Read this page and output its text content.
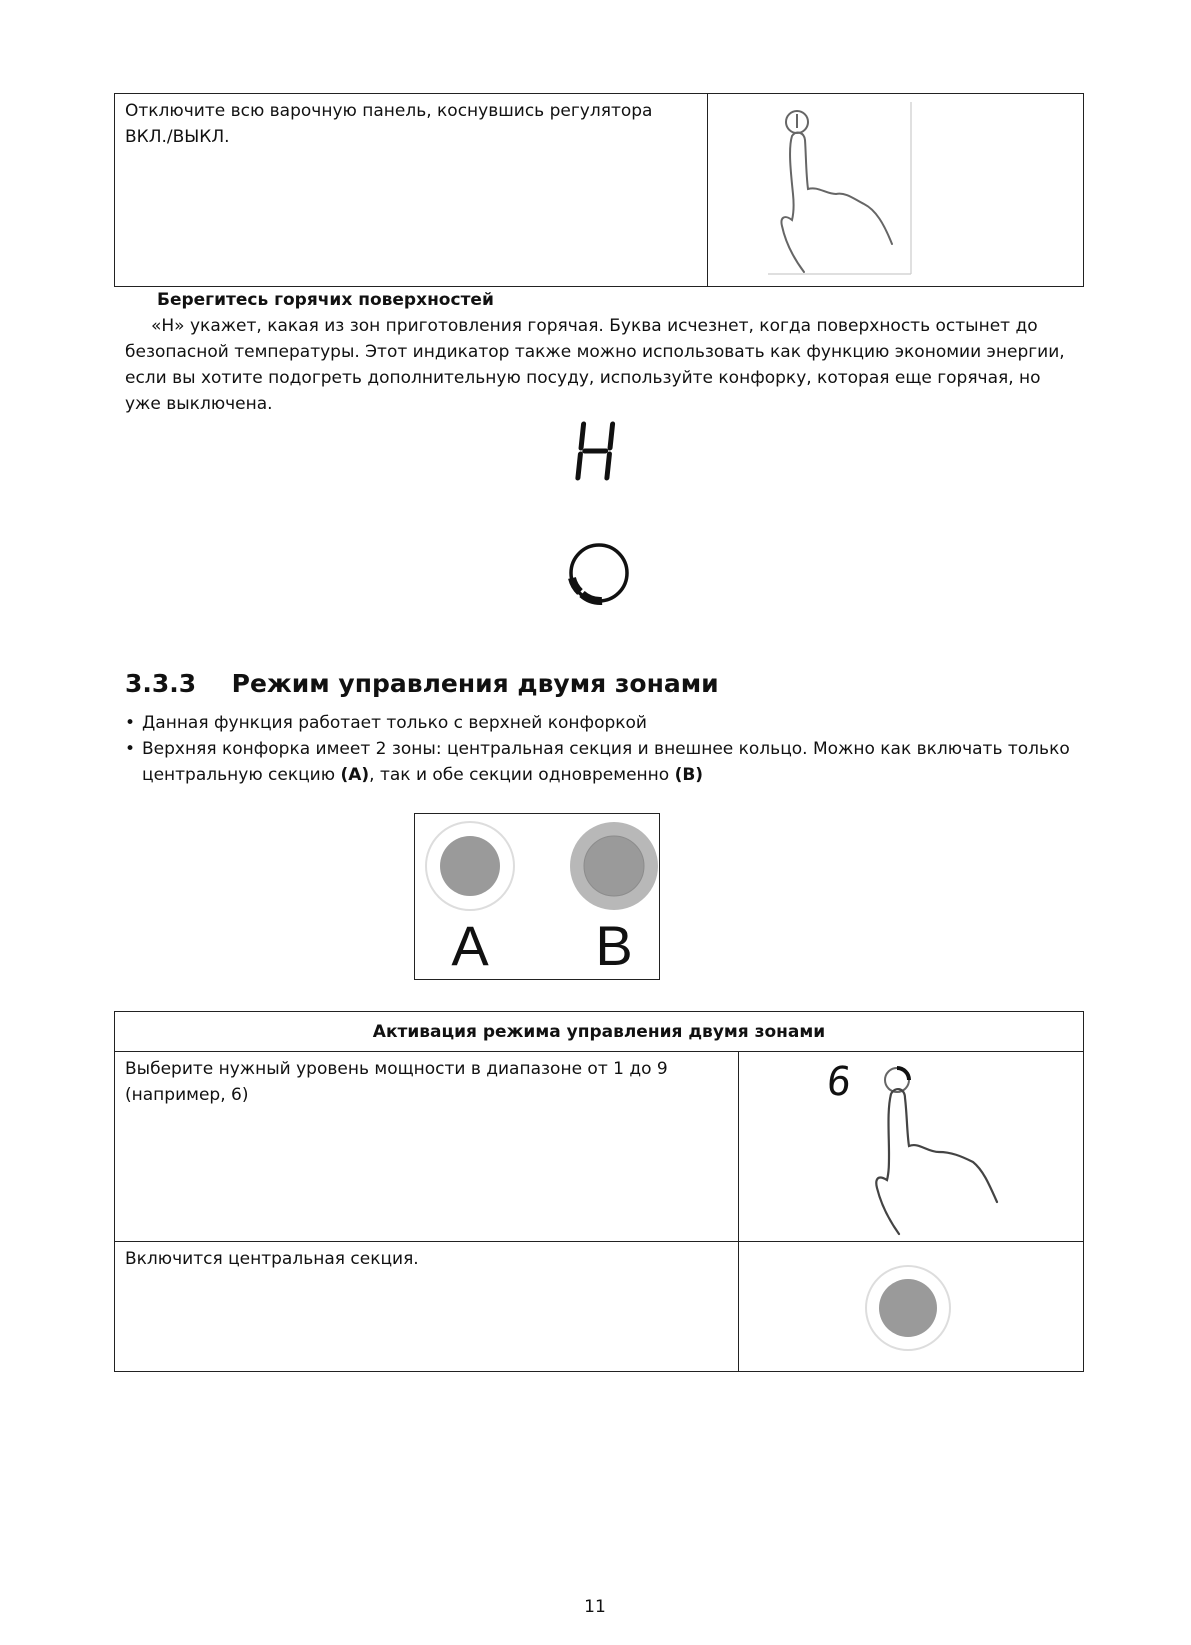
Отключите всю варочную панель, коснувшись регулятора ВКЛ./ВЫКЛ.

Берегитесь горячих поверхностей
«Н» укажет, какая из зон приготовления горячая. Буква исчезнет, когда поверхность остынет до безопасной температуры. Этот индикатор также можно использовать как функцию экономии энергии, если вы хотите подогреть дополнительную посуду, используйте конфорку, которая еще горячая, но уже выключена.
3.3.3 Режим управления двумя зонами
• Данная функция работает только с верхней конфоркой
• Верхняя конфорка имеет 2 зоны: центральная секция и внешнее кольцо. Можно как включать только центральную секцию (A), так и обе секции одновременно (B)
A B
Активация режима управления двумя зонами	

Выберите нужный уровень мощности в диапазоне от 1 до 9 (например, 6)	6

Включится центральная секция.

11
